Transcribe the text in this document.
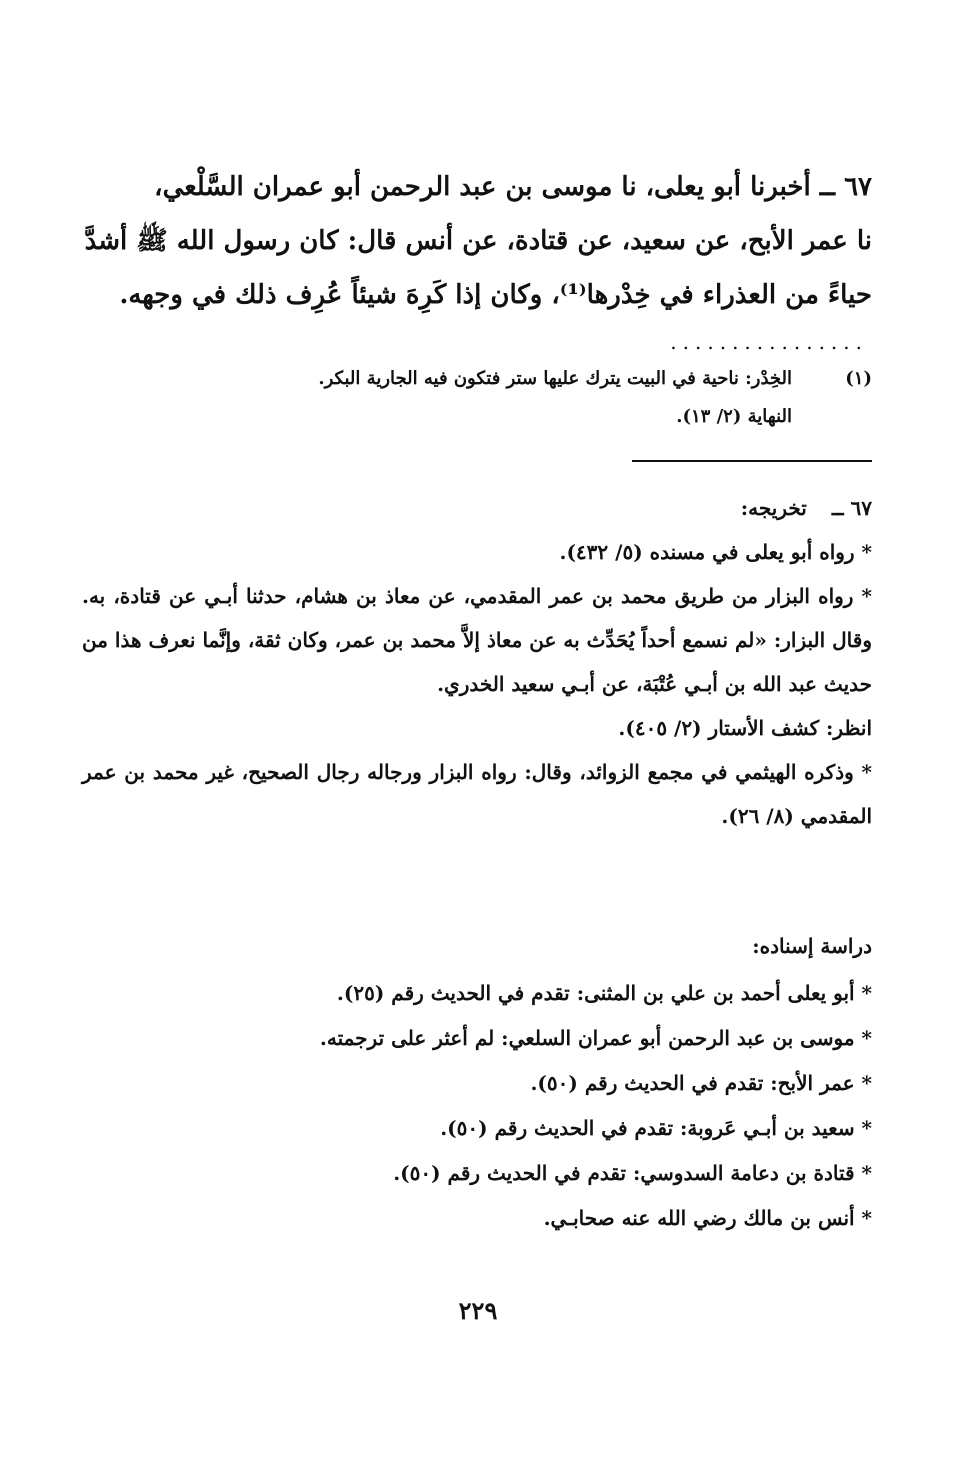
٦٧ ــ أخبرنا أبو يعلى، نا موسى بن عبد الرحمن أبو عمران السَّلْعي،

نا عمر الأبح، عن سعيد، عن قتادة، عن أنس قال: كان رسول الله ﷺ أشدَّ

حياءً من العذراء في خِدْرها⁽¹⁾، وكان إذا كَرِهَ شيئاً عُرِف ذلك في وجهه.

................
(١)
الخِدْر: ناحية في البيت يترك عليها ستر فتكون فيه الجارية البكر.
النهاية (٢/ ١٣).
٦٧ ــ تخريجه:

* رواه أبو يعلى في مسنده (٥/ ٤٣٢).

* رواه البزار من طريق محمد بن عمر المقدمي، عن معاذ بن هشام، حدثنا أبـي عن قتادة، به. وقال البزار: «لم نسمع أحداً يُحَدِّث به عن معاذ إلاَّ محمد بن عمر، وكان ثقة، وإنَّما نعرف هذا من حديث عبد الله بن أبـي عُتْبَة، عن أبـي سعيد الخدري.

انظر: كشف الأستار (٢/ ٤٠٥).

* وذكره الهيثمي في مجمع الزوائد، وقال: رواه البزار ورجاله رجال الصحيح، غير محمد بن عمر المقدمي (٨/ ٢٦).

دراسة إسناده:

* أبو يعلى أحمد بن علي بن المثنى: تقدم في الحديث رقم (٢٥).

* موسى بن عبد الرحمن أبو عمران السلعي: لم أعثر على ترجمته.

* عمر الأبح: تقدم في الحديث رقم (٥٠).

* سعيد بن أبـي عَروبة: تقدم في الحديث رقم (٥٠).

* قتادة بن دعامة السدوسي: تقدم في الحديث رقم (٥٠).

* أنس بن مالك رضي الله عنه صحابـي.

٢٢٩
